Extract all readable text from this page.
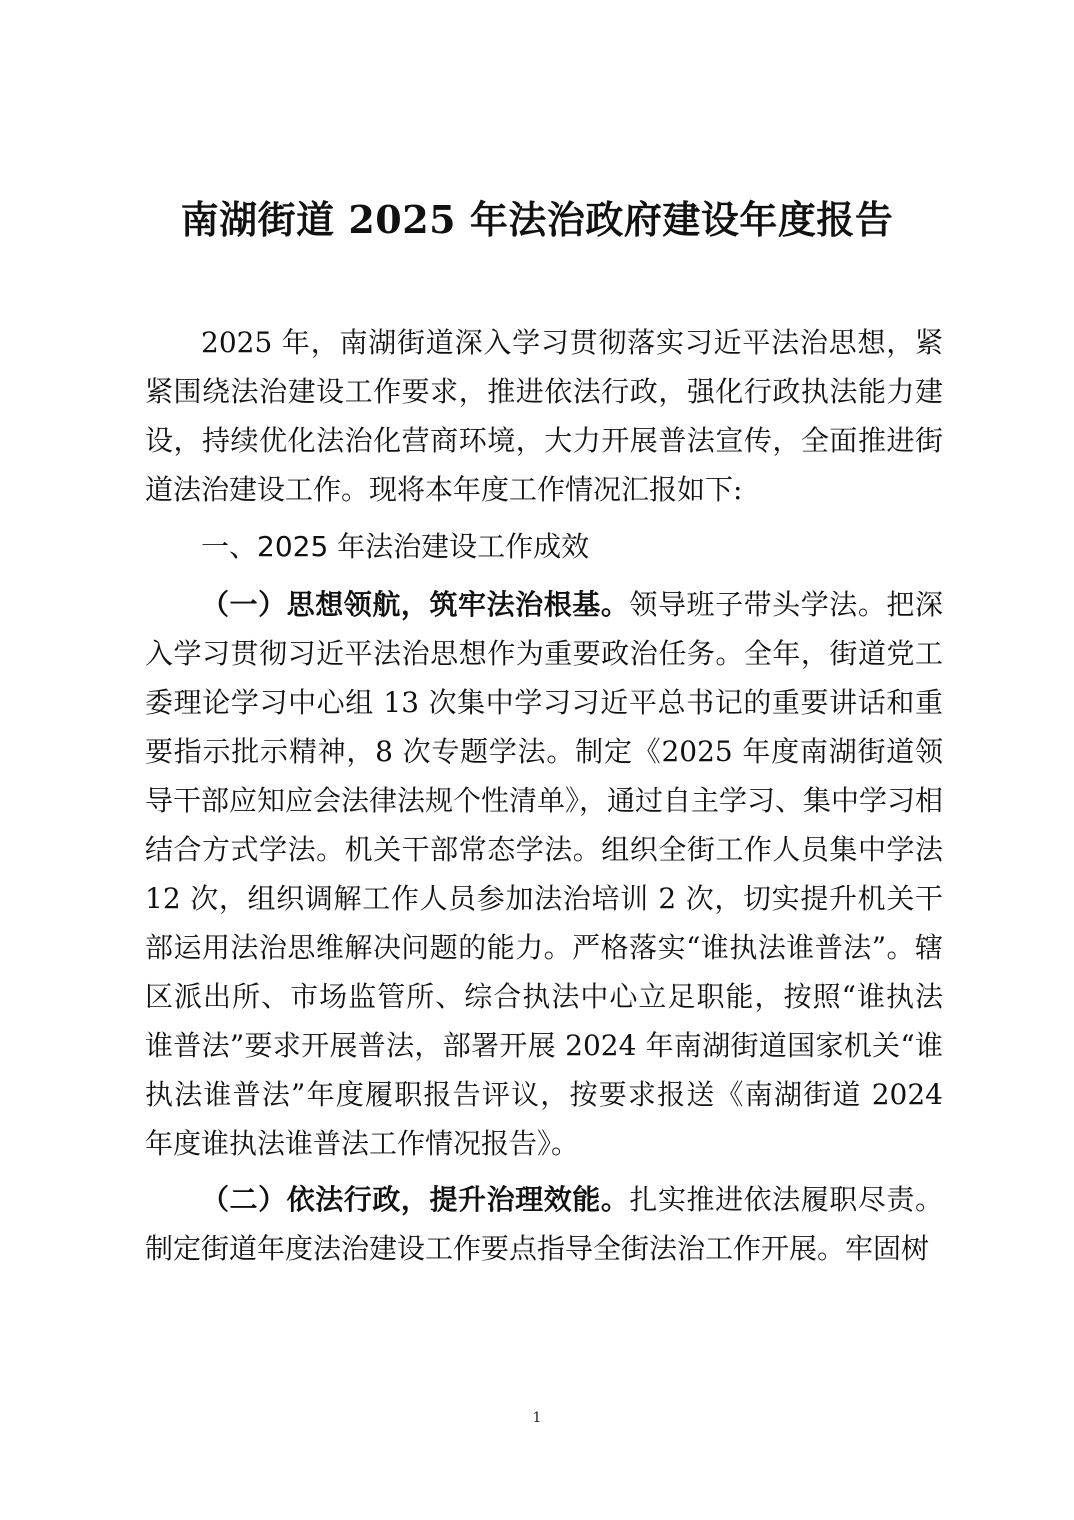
南湖街道 2025 年法治政府建设年度报告

2025 年，南湖街道深入学习贯彻落实习近平法治思想，紧紧围绕法治建设工作要求，推进依法行政，强化行政执法能力建设，持续优化法治化营商环境，大力开展普法宣传，全面推进街道法治建设工作。现将本年度工作情况汇报如下:

一、2025 年法治建设工作成效

（一）思想领航，筑牢法治根基。领导班子带头学法。把深入学习贯彻习近平法治思想作为重要政治任务。全年，街道党工委理论学习中心组 13 次集中学习习近平总书记的重要讲话和重要指示批示精神，8 次专题学法。制定《2025 年度南湖街道领导干部应知应会法律法规个性清单》，通过自主学习、集中学习相结合方式学法。机关干部常态学法。组织全街工作人员集中学法 12 次，组织调解工作人员参加法治培训 2 次，切实提升机关干部运用法治思维解决问题的能力。严格落实“谁执法谁普法”。辖区派出所、市场监管所、综合执法中心立足职能，按照“谁执法谁普法”要求开展普法，部署开展 2024 年南湖街道国家机关“谁执法谁普法”年度履职报告评议，按要求报送《南湖街道 2024 年度谁执法谁普法工作情况报告》。

（二）依法行政，提升治理效能。扎实推进依法履职尽责。制定街道年度法治建设工作要点指导全街法治工作开展。牢固树

1
